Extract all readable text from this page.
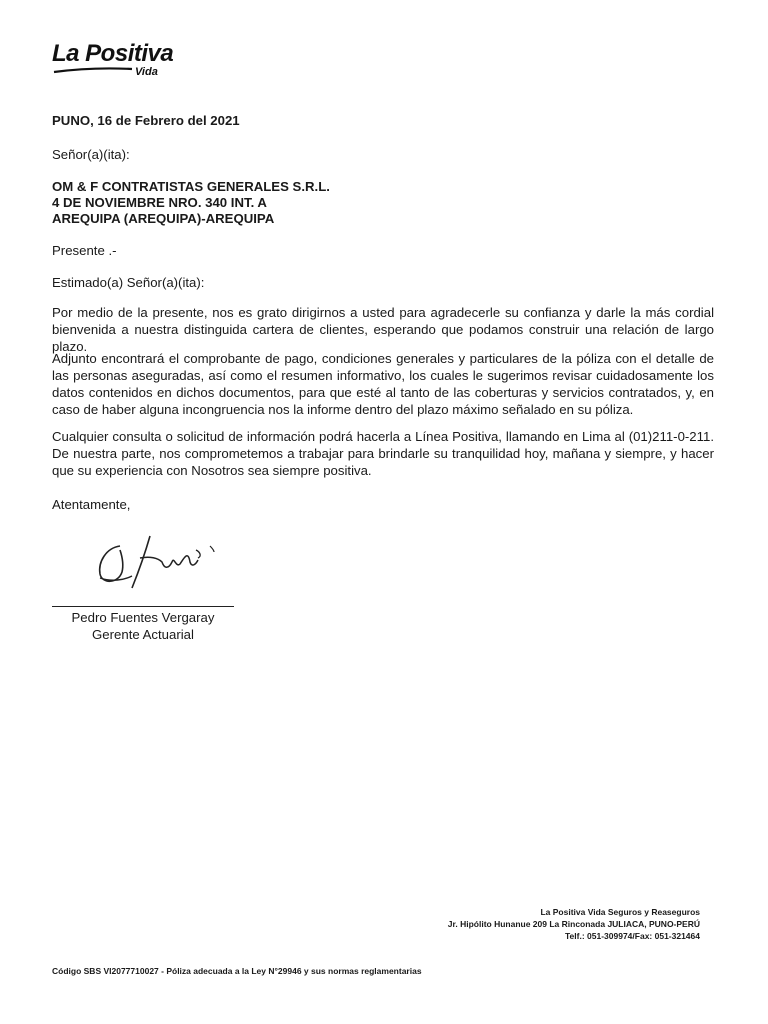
La Positiva
Vida
PUNO, 16 de Febrero del 2021
Señor(a)(ita):
OM & F CONTRATISTAS GENERALES S.R.L.
4 DE NOVIEMBRE NRO. 340 INT. A
AREQUIPA (AREQUIPA)-AREQUIPA
Presente .-
Estimado(a) Señor(a)(ita):
Por medio de la presente, nos es grato dirigirnos a usted para agradecerle su confianza y darle la más cordial bienvenida a nuestra distinguida cartera de clientes, esperando que podamos construir una relación de largo plazo.
Adjunto encontrará el comprobante de pago, condiciones generales y particulares de la póliza con el detalle de las personas aseguradas, así como el resumen informativo, los cuales le sugerimos revisar cuidadosamente los datos contenidos en dichos documentos, para que esté al tanto de las coberturas y servicios contratados, y, en caso de haber alguna incongruencia nos la informe dentro del plazo máximo señalado en su póliza.
Cualquier consulta o solicitud de información podrá hacerla a Línea Positiva, llamando en Lima al (01)211-0-211. De nuestra parte, nos comprometemos a trabajar para brindarle su tranquilidad hoy, mañana y siempre, y hacer que su experiencia con Nosotros sea siempre positiva.
Atentamente,
Pedro Fuentes Vergaray
Gerente Actuarial
La Positiva Vida Seguros y Reaseguros
Jr. Hipólito Hunanue 209 La Rinconada JULIACA, PUNO-PERÚ
Telf.: 051-309974/Fax: 051-321464
Código SBS VI2077710027 - Póliza adecuada a la Ley N°29946 y sus normas reglamentarias
